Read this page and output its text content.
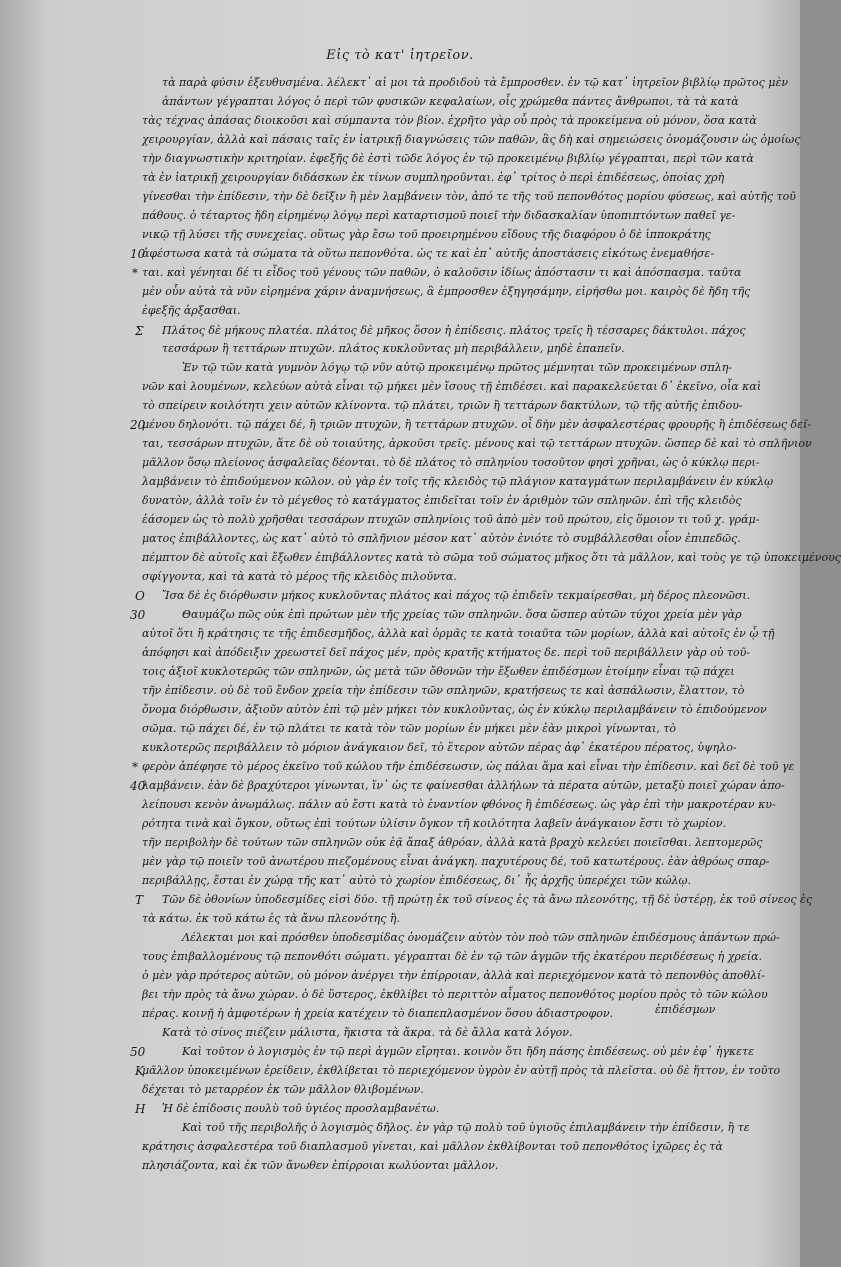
Εἰς τὸ κατ' ἰητρεῖον.
τὰ παρὰ φύσιν ἐξευθυσμένα. λέλεκτ᾽ αἰ μοι τὰ προδιδοὺ τὰ ἔμπροσθεν. ἐν τῷ κατ᾽ ἰητρεῖον βιβλίῳ πρῶτος μὲν
ἁπάντων γέγραπται λόγος ὁ περὶ τῶν φυσικῶν κεφαλαίων, οἷς χρώμεθα πάντες ἄνθρωποι, τὰ τὰ κατὰ
τὰς τέχνας ἁπάσας διοικοῦσι καὶ σύμπαντα τὸν βίον. ἐχρῆτο γὰρ οὗ πρὸς τὰ προκείμενα οὐ μόνον, ὅσα κατὰ
χειρουργίαν, ἀλλὰ καὶ πάσαις ταῖς ἐν ἰατρικῇ διαγνώσεις τῶν παθῶν, ἃς δὴ καὶ σημειώσεις ὀνομάζουσιν ὡς ὁμοίως
τὴν διαγνωστικὴν κριτηρίαν. ἐφεξῆς δὲ ἐστὶ τῶδε λόγος ἐν τῷ προκειμένῳ βιβλίῳ γέγραπται, περὶ τῶν κατὰ
τὰ ἐν ἰατρικῇ χειρουργίαν διδάσκων ἐκ τίνων συμπληροῦνται. ἐφ᾽ τρίτος ὁ περὶ ἐπιδέσεως, ὁποίας χρὴ
γίνεσθαι τὴν ἐπίδεσιν, τὴν δὲ δεῖξιν ἢ μὲν λαμβάνειν τὸν, ἀπό τε τῆς τοῦ πεπονθότος μορίου φύσεως, καὶ αὐτῆς τοῦ
πάθους. ὁ τέταρτος ἤδη εἰρημένῳ λόγῳ περὶ καταρτισμοῦ ποιεῖ τὴν διδασκαλίαν ὑποπιπτόντων παθεῖ γε-
νικῷ τῇ λύσει τῆς συνεχείας. οὕτως γὰρ ἔσω τοῦ προειρημένου εἴδους τῆς διαφόρου ὁ δὲ ἱπποκράτης
ἀφέστωσα κατὰ τὰ σώματα τὰ οὕτω πεπονθότα. ὡς τε καὶ ἐπ᾽ αὐτῆς ἀποστάσεις εἰκότως ἐνεμαθήσε-
ται. καὶ γένηται δέ τι εἶδος τοῦ γένους τῶν παθῶν, ὁ καλοῦσιν ἰδίως ἀπόστασιν τι καὶ ἀπόσπασμα. ταῦτα
μὲν οὖν αὐτὰ τὰ νῦν εἰρημένα χάριν ἀναμνήσεως, ἃ ἐμπροσθεν ἐξηγησάμην, εἰρήσθω μοι. καιρὸς δὲ ἤδη τῆς
ἐφεξῆς ἀρξασθαι.
Πλάτος δὲ μήκους πλατέα. πλάτος δὲ μῆκος ὅσον ἡ ἐπίδεσις. πλάτος τρεῖς ἢ τέσσαρες δάκτυλοι. πάχος
τεσσάρων ἢ τεττάρων πτυχῶν. πλάτος κυκλοῦντας μὴ περιβάλλειν, μηδὲ ἐπαπεῖν.
Ἐν τῷ τῶν κατὰ γυμνὸν λόγῳ τῷ νῦν αὐτῷ προκειμένῳ πρῶτος μέμνηται τῶν προκειμένων σπλη-
νῶν καὶ λουμένων, κελεύων αὐτὰ εἶναι τῷ μήκει μὲν ἴσους τῇ ἐπιδέσει. καὶ παρακελεύεται δ᾽ ἐκεῖνο, οἷα καὶ
τὸ σπείρειν κοιλότητι χειν αὐτῶν κλίνοντα. τῷ πλάτει, τριῶν ἢ τεττάρων δακτύλων, τῷ τῆς αὐτῆς ἐπιδου-
μένου δηλονότι. τῷ πάχει δέ, ἢ τριῶν πτυχῶν, ἢ τεττάρων πτυχῶν. οἷ δὴν μὲν ἀσφαλεστέρας φρουρῆς ἢ ἐπιδέσεως δεῖ-
ται, τεσσάρων πτυχῶν, ἅτε δὲ οὐ τοιαύτης, ἀρκοῦσι τρεῖς. μένους καὶ τῷ τεττάρων πτυχῶν. ὥσπερ δὲ καὶ τὸ σπλῆνιον
μᾶλλον ὅσῳ πλείονος ἀσφαλεῖας δέονται. τὸ δὲ πλάτος τὸ σπληνίου τοσοῦτον φησὶ χρῆναι, ὡς ὁ κύκλῳ περι-
λαμβάνειν τὸ ἐπιδούμενον κῶλον. οὐ γὰρ ἐν τοῖς τῆς κλειδὸς τῷ πλάγιον καταγμάτων περιλαμβάνειν ἐν κύκλῳ
δυνατὸν, ἀλλὰ τοῖν ἐν τὸ μέγεθος τὸ κατάγματος ἐπιδεῖται τοῖν ἐν ἀριθμὸν τῶν σπληνῶν. ἐπὶ τῆς κλειδὸς
ἐάσομεν ὡς τὸ πολὺ χρῆσθαι τεσσάρων πτυχῶν σπληνίοις τοῦ ἀπὸ μὲν τοῦ πρώτου, εἰς ὅμοιον τι τοῦ χ. γράμ-
ματος ἐπιβάλλοντες, ὡς κατ᾽ αὐτὸ τὸ σπλῆνιον μέσον κατ᾽ αὐτὸν ἐνιότε τὸ συμβάλλεσθαι οἷον ἐπιπεδῶς.
πέμπτον δὲ αὐτοῖς καὶ ἔξωθεν ἐπιβάλλοντες κατὰ τὸ σῶμα τοῦ σώματος μῆκος ὅτι τὰ μᾶλλον, καὶ τοὺς γε τῷ ὑποκειμένους
σφίγγοντα, καὶ τὰ κατὰ τὸ μέρος τῆς κλειδὸς πιλοῦντα.
Ἴσα δὲ ἐς διόρθωσιν μήκος κυκλοῦντας πλάτος καὶ πάχος τῷ ἐπιδεῖν τεκμαίρεσθαι, μὴ δέρος πλεονῶσι.
Θαυμάζω πῶς οὐκ ἐπὶ πρώτων μὲν τῆς χρείας τῶν σπληνῶν. ὅσα ὥσπερ αὐτῶν τύχοι χρεία μὲν γὰρ
αὐτοῖ ὅτι ἢ κράτησις τε τῆς ἐπιδεσμῆδος, ἀλλὰ καὶ ὁρμᾶς τε κατὰ τοιαῦτα τῶν μορίων, ἀλλὰ καὶ αὐτοῖς ἐν ᾧ τῇ
ἀπόφησι καὶ ἀπόδειξιν χρεωστεῖ δεῖ πάχος μέν, πρὸς κρατῆς κτήματος δε. περὶ τοῦ περιβάλλειν γὰρ οὐ τοῦ-
τοις ἀξιοῖ κυκλοτερῶς τῶν σπληνῶν, ὡς μετὰ τῶν ὄθονῶν τὴν ἔξωθεν ἐπιδέσμων ἑτοίμην εἶναι τῷ πάχει
τῆν ἐπίδεσιν. οὐ δὲ τοῦ ἔνδον χρεία τὴν ἐπίδεσιν τῶν σπληνῶν, κρατήσεως τε καὶ ἀσπάλωσιν, ἔλαττον, τὸ
ὄνομα διόρθωσιν, ἀξιοῦν αὐτὸν ἐπὶ τῷ μὲν μήκει τὸν κυκλοῦντας, ὡς ἐν κύκλῳ περιλαμβάνειν τὸ ἐπιδούμενον
σῶμα. τῷ πάχει δέ, ἐν τῷ πλάτει τε κατὰ τὸν τῶν μορίων ἐν μήκει μὲν ἐὰν μικροὶ γίνωνται, τὸ
κυκλοτερῶς περιβάλλειν τὸ μόριον ἀνάγκαιον δεῖ, τὸ ἕτερον αὐτῶν πέρας ἀφ᾽ ἑκατέρου πέρατος, ὑψηλο-
φερὸν ἀπέφησε τὸ μέρος ἐκεῖνο τοῦ κώλου τῆν ἐπιδέσεωσιν, ὡς πάλαι ἅμα καὶ εἶναι τὴν ἐπίδεσιν. καὶ δεῖ δὲ τοῦ γε
λαμβάνειν. ἐὰν δὲ βραχύτεροι γίνωνται, ἵν᾽ ὡς τε φαίνεσθαι ἀλλήλων τὰ πέρατα αὐτῶν, μεταξὺ ποιεῖ χώραν ἀπο-
λείπουσι κενὸν ἀνωμάλως. πάλιν αὐ ἔστι κατὰ τὸ ἐναντίον φθόνος ἢ ἐπιδέσεως. ὡς γὰρ ἐπὶ τὴν μακροτέραν κυ-
ρότητα τινὰ καὶ ὄγκον, οὕτως ἐπὶ τούτων ὑλίσιν ὄγκον τῆ κοιλότητα λαβεῖν ἀνάγκαιον ἔστι τὸ χωρίον.
τῆν περιβολὴν δὲ τούτων τῶν σπληνῶν οὐκ ἐᾷ ἅπαξ ἀθρόαν, ἀλλὰ κατὰ βραχὺ κελεύει ποιεῖσθαι. λεπτομερῶς
μὲν γὰρ τῷ ποιεῖν τοῦ ἀνωτέρου πιεζομένους εἶναι ἀνάγκη. παχυτέρους δέ, τοῦ κατωτέρους. ἐὰν ἀθρόως σπαρ-
περιβάλλῃς, ἔσται ἐν χώρᾳ τῆς κατ᾽ αὐτὸ τὸ χωρίον ἐπιδέσεως, δι᾽ ἧς ἀρχῆς ὑπερέχει τῶν κώλῳ.
Τῶν δὲ ὀθονίων ὑποδεσμίδες εἰσὶ δύο. τῇ πρώτῃ ἐκ τοῦ σίνεος ἐς τὰ ἄνω πλεονότης, τῇ δὲ ὑστέρῃ, ἐκ τοῦ σίνεος ἐς
τὰ κάτω. ἐκ τοῦ κάτω ἐς τὰ ἄνω πλεονότης ἢ.
Λέλεκται μοι καὶ πρόσθεν ὑποδεσμίδας ὀνομάζειν αὐτὸν τὸν ποὸ τῶν σπληνῶν ἐπιδέσμους ἁπάντων πρώ-
τους ἐπιβαλλομένους τῷ πεπονθότι σώματι. γέγραπται δὲ ἐν τῷ τῶν ἀγμῶν τῆς ἐκατέρου περιδέσεως ἡ χρεία.
ὁ μὲν γὰρ πρότερος αὐτῶν, οὐ μόνον ἀνέργει τὴν ἐπίρροιαν, ἀλλὰ καὶ περιεχόμενον κατὰ τὸ πεπονθὸς ἀποθλί-
βει τὴν πρὸς τὰ ἄνω χώραν. ὁ δὲ ὕστερος, ἐκθλίβει τὸ περιττὸν αἷματος πεπονθότος μορίου πρὸς τὸ τῶν κώλου
πέρας. κοινῇ ἡ ἀμφοτέρων ἡ χρεία κατέχειν τὸ διαπεπλασμένον ὅσου ἀδιαστροφον.
Κατὰ τὸ σίνος πιέζειν μάλιστα, ἥκιστα τὰ ἄκρα. τὰ δὲ ἄλλα κατὰ λόγον.
Καὶ τοῦτον ὁ λογισμὸς ἐν τῷ περὶ ἀγμῶν εἴρηται. κοινὸν ὅτι ἤδη πάσης ἐπιδέσεως. οὐ μὲν ἐφ᾽ ἡγκετε
μᾶλλον ὑποκειμένων ἐρείδειν, ἐκθλίβεται τὸ περιεχόμενον ὑγρὸν ἐν αὐτῇ πρὸς τὰ πλεῖστα. οὐ δὲ ἥττον, ἐν τοῦτο
δέχεται τὸ μεταρρέον ἐκ τῶν μᾶλλον θλιβομένων.
Ἡ δὲ ἐπίδοσις πουλὺ τοῦ ὑγιέος προσλαμβανέτω.
Καὶ τοῦ τῆς περιβολῆς ὁ λογισμὸς δῆλος. ἐν γὰρ τῷ πολὺ τοῦ ὑγιοῦς ἐπιλαμβάνειν τὴν ἐπίδεσιν, ἢ τε
κράτησις ἀσφαλεστέρα τοῦ διαπλασμοῦ γίνεται, καὶ μᾶλλον ἐκθλίβονται τοῦ πεπονθότος ἰχῶρες ἐς τὰ
πλησιάζοντα, καὶ ἐκ τῶν ἄνωθεν ἐπίρροιαι κωλύονται μᾶλλον.
10
*
Σ
20
Ο
30
*
40
Τ
50
Κ
Η
ἐπιδέσμων
